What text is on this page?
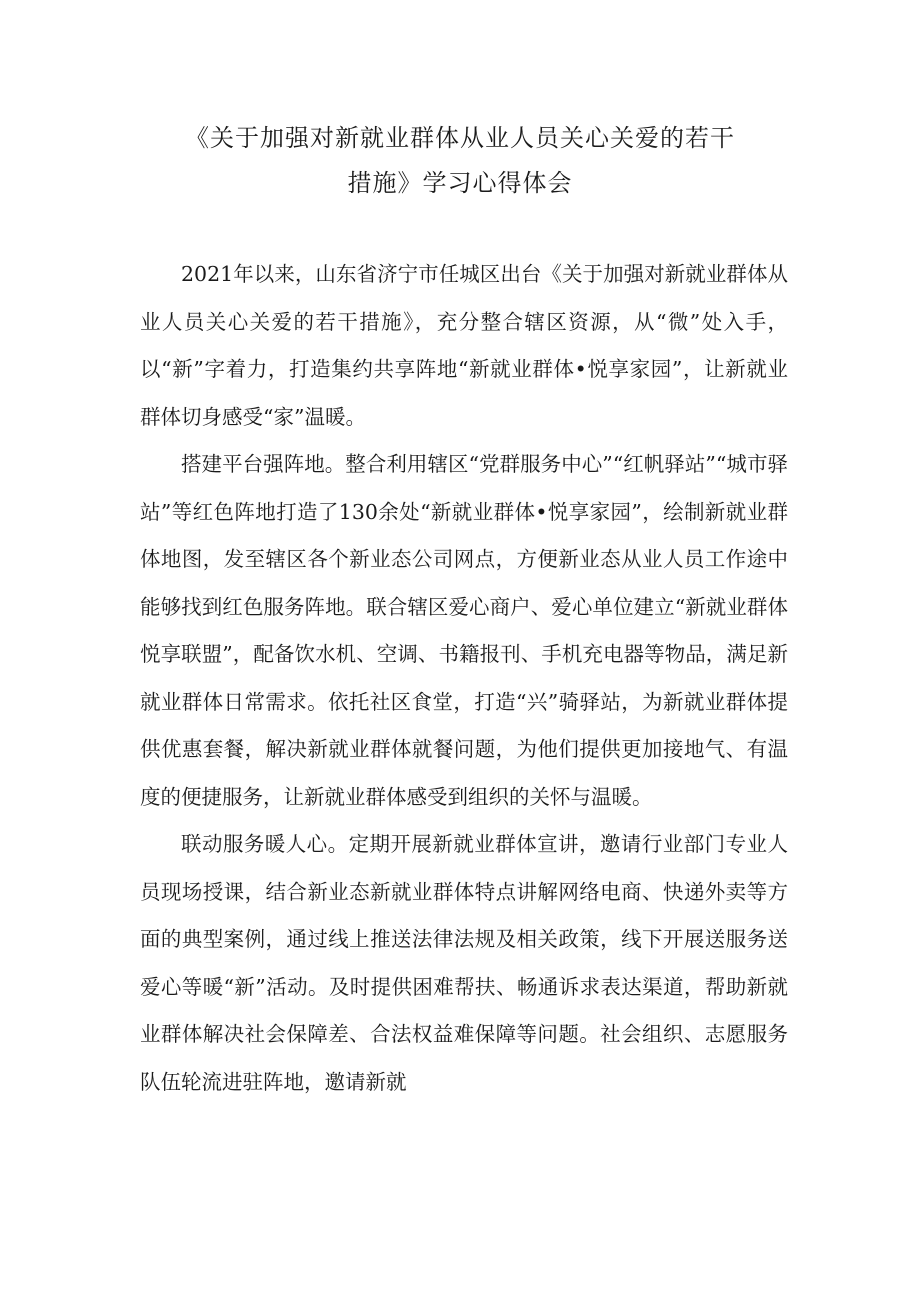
《关于加强对新就业群体从业人员关心关爱的若干
措施》学习心得体会

2021年以来，山东省济宁市任城区出台《关于加强对新就业群体从业人员关心关爱的若干措施》，充分整合辖区资源，从“微”处入手，以“新”字着力，打造集约共享阵地“新就业群体•悦享家园”，让新就业群体切身感受“家”温暖。

搭建平台强阵地。整合利用辖区“党群服务中心”“红帆驿站”“城市驿站”等红色阵地打造了130余处“新就业群体•悦享家园”，绘制新就业群体地图，发至辖区各个新业态公司网点，方便新业态从业人员工作途中能够找到红色服务阵地。联合辖区爱心商户、爱心单位建立“新就业群体悦享联盟”，配备饮水机、空调、书籍报刊、手机充电器等物品，满足新就业群体日常需求。依托社区食堂，打造“兴”骑驿站，为新就业群体提供优惠套餐，解决新就业群体就餐问题，为他们提供更加接地气、有温度的便捷服务，让新就业群体感受到组织的关怀与温暖。

联动服务暖人心。定期开展新就业群体宣讲，邀请行业部门专业人员现场授课，结合新业态新就业群体特点讲解网络电商、快递外卖等方面的典型案例，通过线上推送法律法规及相关政策，线下开展送服务送爱心等暖“新”活动。及时提供困难帮扶、畅通诉求表达渠道，帮助新就业群体解决社会保障差、合法权益难保障等问题。社会组织、志愿服务队伍轮流进驻阵地，邀请新就
